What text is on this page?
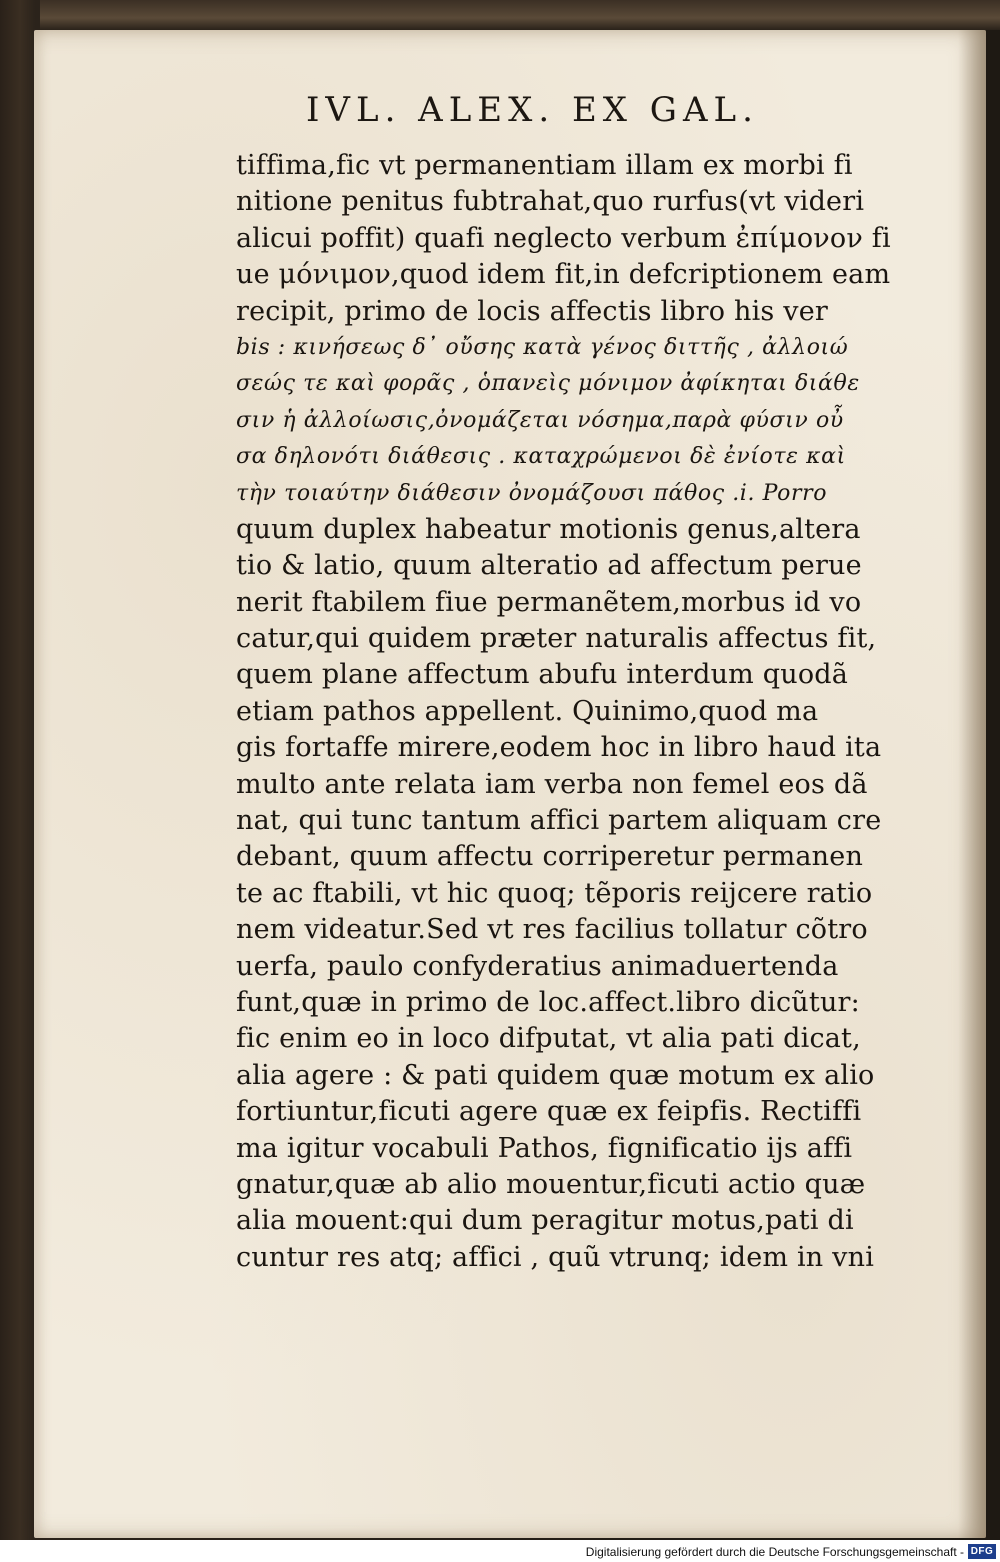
IVL. ALEX. EX GAL.
tiffima,fic vt permanentiam illam ex morbi fi
nitione penitus fubtrahat,quo rurfus(vt videri
alicui poffit) quafi neglecto verbum ἐπίμονον fi
ue μόνιμον,quod idem fit,in defcriptionem eam
recipit, primo de locis affectis libro his ver
bis : κινήσεως δ᾽ οὔσης κατὰ γένος διττῆς , ἀλλοιώ
σεώς τε καὶ φορᾶς , ὁπανεὶς μόνιμον ἀφίκηται διάθε
σιν ἡ ἀλλοίωσις,ὀνομάζεται νόσημα,παρὰ φύσιν οὖ
σα δηλονότι διάθεσις . καταχρώμενοι δὲ ἐνίοτε καὶ
τὴν τοιαύτην διάθεσιν ὀνομάζουσι πάθος .i. Porro
quum duplex habeatur motionis genus,altera
tio & latio, quum alteratio ad affectum perue
nerit ftabilem fiue permanẽtem,morbus id vo
catur,qui quidem præter naturalis affectus fit,
quem plane affectum abufu interdum quodã
etiam pathos appellent. Quinimo,quod ma
gis fortaffe mirere,eodem hoc in libro haud ita
multo ante relata iam verba non femel eos dã
nat, qui tunc tantum affici partem aliquam cre
debant, quum affectu corriperetur permanen
te ac ftabili, vt hic quoq; tẽporis reijcere ratio
nem videatur.Sed vt res facilius tollatur cõtro
uerfa, paulo confyderatius animaduertenda
funt,quæ in primo de loc.affect.libro dicũtur:
fic enim eo in loco difputat, vt alia pati dicat,
alia agere : & pati quidem quæ motum ex alio
fortiuntur,ficuti agere quæ ex feipfis. Rectiffi
ma igitur vocabuli Pathos, fignificatio ijs affi
gnatur,quæ ab alio mouentur,ficuti actio quæ
alia mouent:qui dum peragitur motus,pati di
cuntur res atq; affici , quũ vtrunq; idem in vni
Digitalisierung gefördert durch die Deutsche Forschungsgemeinschaft - DFG
